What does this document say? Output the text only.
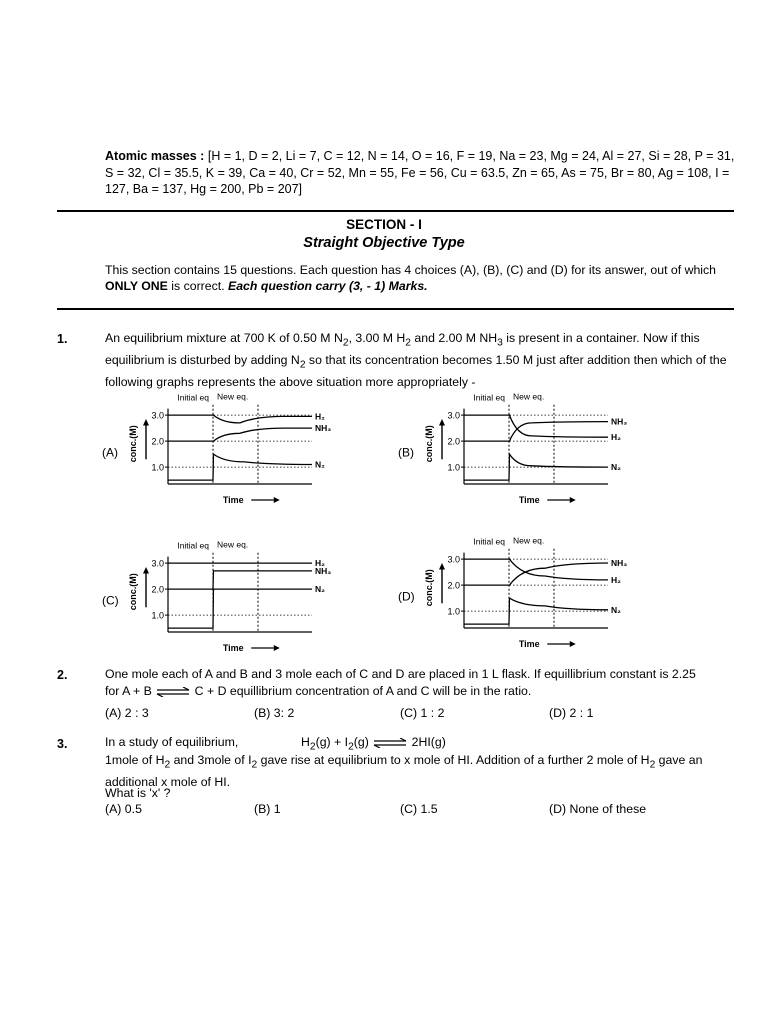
Atomic masses : [H = 1, D = 2, Li = 7, C = 12, N = 14, O = 16, F = 19, Na = 23, Mg = 24, Al = 27, Si = 28, P = 31, S = 32, Cl = 35.5, K = 39, Ca = 40, Cr = 52, Mn = 55, Fe = 56, Cu = 63.5, Zn = 65, As = 75, Br = 80, Ag = 108, I = 127, Ba = 137, Hg = 200, Pb = 207]
SECTION - I
Straight Objective Type
This section contains 15 questions. Each question has 4 choices (A), (B), (C) and (D) for its answer, out of which ONLY ONE is correct. Each question carry (3, - 1) Marks.
1.	An equilibrium mixture at 700 K of 0.50 M $N_2$, 3.00 M $H_2$ and 2.00 M $NH_3$ is present in a container. Now if this equilibrium is disturbed by adding $N_2$ so that its concentration becomes 1.50 M just after addition then which of the following graphs represents the above situation more appropriately -
1.0
2.0
3.0
conc.(M)
Initial eq New eq.
Time
(A)
H₂
NH₃
N₂	1.0
2.0
3.0
conc.(M)
Initial eq New eq.
Time
(B)
NH₃
H₂
N₂
1.0
2.0
3.0
conc.(M)
Initial eq New eq.
Time
(C)
H₂
NH₃
N₂
1.0
2.0
3.0
conc.(M)
Initial eq New eq.
Time
(D)
NH₃
H₂
N₂
2.	One mole each of A and B and 3 mole each of C and D are placed in 1 L flask. If equillibrium constant is 2.25
for A + B ⇌ C + D equillibrium concentration of A and C will be in the ratio.
(A) 2 : 3	(B) 3: 2	(C) 1 : 2	(D) 2 : 1
3.	In a study of equilibrium,	$H_2(g) + I_2(g)$ ⇌ 2HI(g)
1mole of $H_2$ and 3mole of $I_2$ gave rise at equilibrium to x mole of HI. Addition of a further 2 mole of $H_2$ gave an additional x mole of HI.
What is 'x' ?
(A) 0.5	(B) 1	(C) 1.5	(D) None of these
